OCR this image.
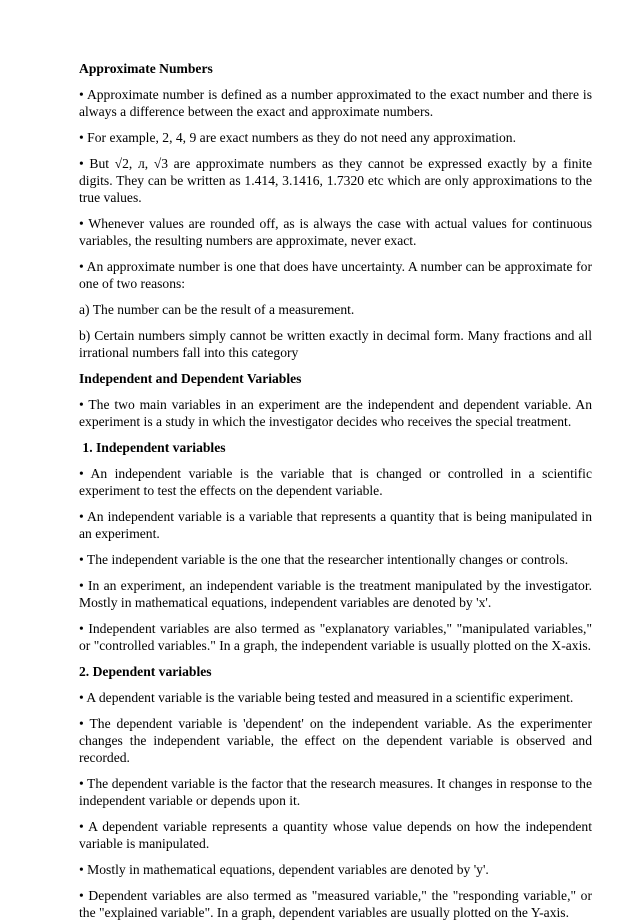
Approximate Numbers
• Approximate number is defined as a number approximated to the exact number and there is always a difference between the exact and approximate numbers.
• For example, 2, 4, 9 are exact numbers as they do not need any approximation.
• But √2, л, √3 are approximate numbers as they cannot be expressed exactly by a finite digits. They can be written as 1.414, 3.1416, 1.7320 etc which are only approximations to the true values.
• Whenever values are rounded off, as is always the case with actual values for continuous variables, the resulting numbers are approximate, never exact.
• An approximate number is one that does have uncertainty. A number can be approximate for one of two reasons:
a) The number can be the result of a measurement.
b) Certain numbers simply cannot be written exactly in decimal form. Many fractions and all irrational numbers fall into this category
Independent and Dependent Variables
• The two main variables in an experiment are the independent and dependent variable. An experiment is a study in which the investigator decides who receives the special treatment.
1. Independent variables
• An independent variable is the variable that is changed or controlled in a scientific experiment to test the effects on the dependent variable.
• An independent variable is a variable that represents a quantity that is being manipulated in an experiment.
• The independent variable is the one that the researcher intentionally changes or controls.
• In an experiment, an independent variable is the treatment manipulated by the investigator. Mostly in mathematical equations, independent variables are denoted by 'x'.
• Independent variables are also termed as "explanatory variables," "manipulated variables," or "controlled variables." In a graph, the independent variable is usually plotted on the X-axis.
2. Dependent variables
• A dependent variable is the variable being tested and measured in a scientific experiment.
• The dependent variable is 'dependent' on the independent variable. As the experimenter changes the independent variable, the effect on the dependent variable is observed and recorded.
• The dependent variable is the factor that the research measures. It changes in response to the independent variable or depends upon it.
• A dependent variable represents a quantity whose value depends on how the independent variable is manipulated.
• Mostly in mathematical equations, dependent variables are denoted by 'y'.
• Dependent variables are also termed as "measured variable," the "responding variable," or the "explained variable". In a graph, dependent variables are usually plotted on the Y-axis.
